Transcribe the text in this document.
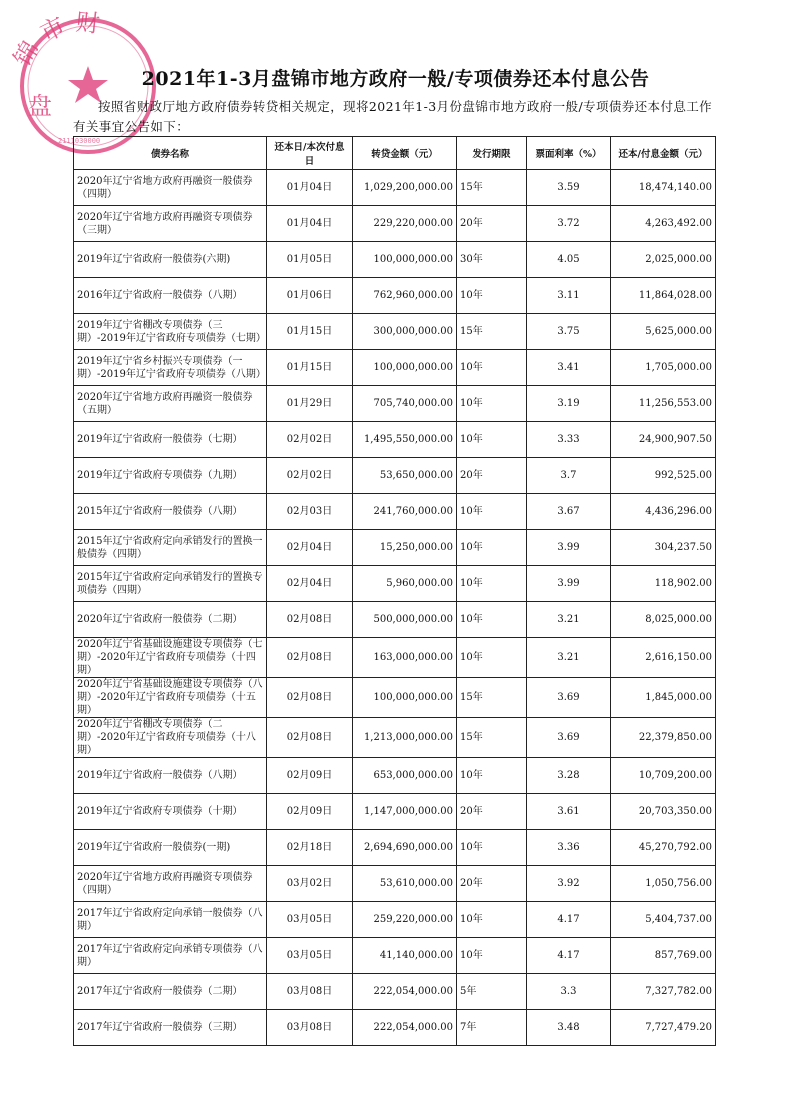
锦 市 财
盘
2111030000
2021年1-3月盘锦市地方政府一般/专项债券还本付息公告
按照省财政厅地方政府债券转贷相关规定，现将2021年1-3月份盘锦市地方政府一般/专项债券还本付息工作有关事宜公告如下：
债券名称	还本日/本次付息日	转贷金额（元）	发行期限	票面利率（%）	还本/付息金额（元）
2020年辽宁省地方政府再融资一般债券（四期）	01月04日	1,029,200,000.00	15年	3.59	18,474,140.00
2020年辽宁省地方政府再融资专项债券（三期）	01月04日	229,220,000.00	20年	3.72	4,263,492.00
2019年辽宁省政府一般债券(六期)	01月05日	100,000,000.00	30年	4.05	2,025,000.00
2016年辽宁省政府一般债券（八期）	01月06日	762,960,000.00	10年	3.11	11,864,028.00
2019年辽宁省棚改专项债券（三期）-2019年辽宁省政府专项债券（七期）	01月15日	300,000,000.00	15年	3.75	5,625,000.00
2019年辽宁省乡村振兴专项债券（一期）-2019年辽宁省政府专项债券（八期）	01月15日	100,000,000.00	10年	3.41	1,705,000.00
2020年辽宁省地方政府再融资一般债券（五期）	01月29日	705,740,000.00	10年	3.19	11,256,553.00
2019年辽宁省政府一般债券（七期）	02月02日	1,495,550,000.00	10年	3.33	24,900,907.50
2019年辽宁省政府专项债券（九期）	02月02日	53,650,000.00	20年	3.7	992,525.00
2015年辽宁省政府一般债券（八期）	02月03日	241,760,000.00	10年	3.67	4,436,296.00
2015年辽宁省政府定向承销发行的置换一般债券（四期）	02月04日	15,250,000.00	10年	3.99	304,237.50
2015年辽宁省政府定向承销发行的置换专项债券（四期）	02月04日	5,960,000.00	10年	3.99	118,902.00
2020年辽宁省政府一般债券（二期）	02月08日	500,000,000.00	10年	3.21	8,025,000.00
2020年辽宁省基础设施建设专项债券（七期）-2020年辽宁省政府专项债券（十四期）	02月08日	163,000,000.00	10年	3.21	2,616,150.00
2020年辽宁省基础设施建设专项债券（八期）-2020年辽宁省政府专项债券（十五期）	02月08日	100,000,000.00	15年	3.69	1,845,000.00
2020年辽宁省棚改专项债券（二期）-2020年辽宁省政府专项债券（十八期）	02月08日	1,213,000,000.00	15年	3.69	22,379,850.00
2019年辽宁省政府一般债券（八期）	02月09日	653,000,000.00	10年	3.28	10,709,200.00
2019年辽宁省政府专项债券（十期）	02月09日	1,147,000,000.00	20年	3.61	20,703,350.00
2019年辽宁省政府一般债券(一期)	02月18日	2,694,690,000.00	10年	3.36	45,270,792.00
2020年辽宁省地方政府再融资专项债券（四期）	03月02日	53,610,000.00	20年	3.92	1,050,756.00
2017年辽宁省政府定向承销一般债券（八期）	03月05日	259,220,000.00	10年	4.17	5,404,737.00
2017年辽宁省政府定向承销专项债券（八期）	03月05日	41,140,000.00	10年	4.17	857,769.00
2017年辽宁省政府一般债券（二期）	03月08日	222,054,000.00	5年	3.3	7,327,782.00
2017年辽宁省政府一般债券（三期）	03月08日	222,054,000.00	7年	3.48	7,727,479.20
